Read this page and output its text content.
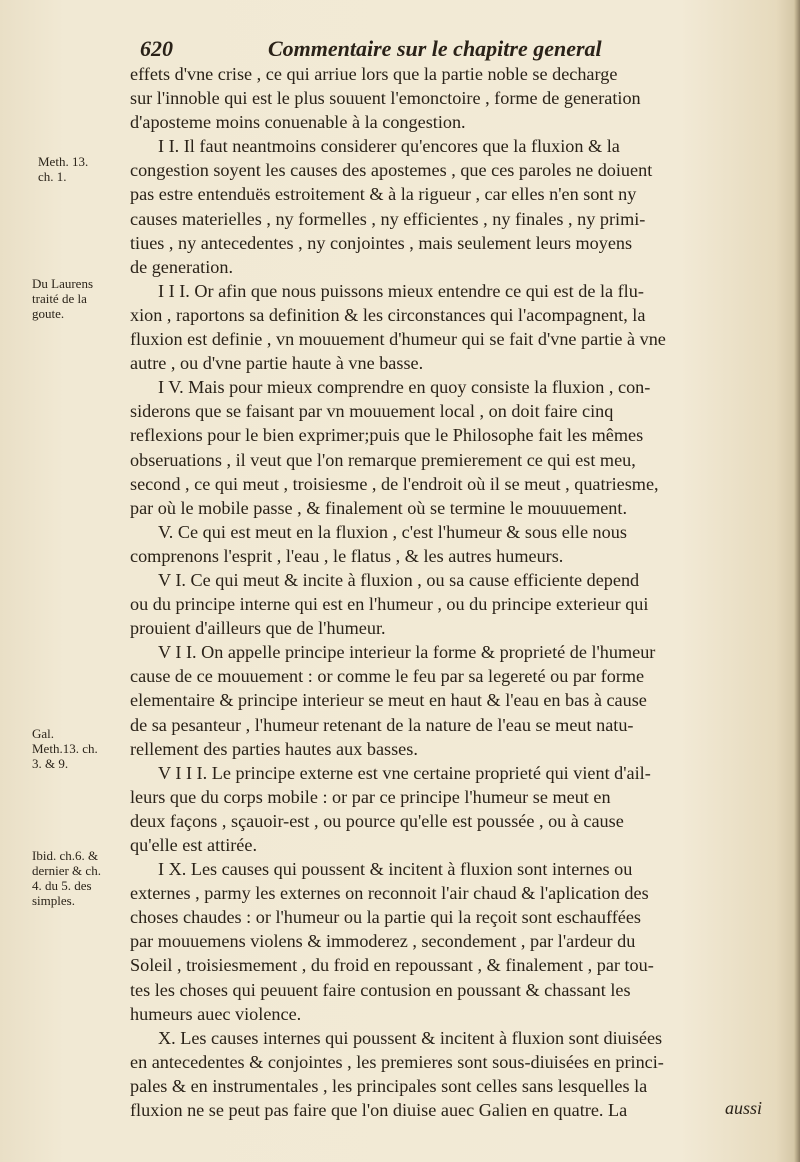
620	Commentaire sur le chapitre general
Meth. 13.
ch. 1.
Du Laurens
traité de la
goute.
Gal.
Meth.13. ch.
3. & 9.
Ibid. ch.6. &
dernier & ch.
4. du 5. des
simples.
effets d'vne crise , ce qui arriue lors que la partie noble se decharge
sur l'innoble qui est le plus souuent l'emonctoire , forme de generation
d'aposteme moins conuenable à la congestion.
I I. Il faut neantmoins considerer qu'encores que la fluxion & la
congestion soyent les causes des apostemes , que ces paroles ne doiuent
pas estre entenduës estroitement & à la rigueur , car elles n'en sont ny
causes materielles , ny formelles , ny efficientes , ny finales , ny primi-
tiues , ny antecedentes , ny conjointes , mais seulement leurs moyens
de generation.
I I I. Or afin que nous puissons mieux entendre ce qui est de la flu-
xion , raportons sa definition & les circonstances qui l'acompagnent, la
fluxion est definie , vn mouuement d'humeur qui se fait d'vne partie à vne
autre , ou d'vne partie haute à vne basse.
I V. Mais pour mieux comprendre en quoy consiste la fluxion , con-
siderons que se faisant par vn mouuement local , on doit faire cinq
reflexions pour le bien exprimer;puis que le Philosophe fait les mêmes
obseruations , il veut que l'on remarque premierement ce qui est meu,
second , ce qui meut , troisiesme , de l'endroit où il se meut , quatriesme,
par où le mobile passe , & finalement où se termine le mouuuement.
V. Ce qui est meut en la fluxion , c'est l'humeur & sous elle nous
comprenons l'esprit , l'eau , le flatus , & les autres humeurs.
V I. Ce qui meut & incite à fluxion , ou sa cause efficiente depend
ou du principe interne qui est en l'humeur , ou du principe exterieur qui
prouient d'ailleurs que de l'humeur.
V I I. On appelle principe interieur la forme & proprieté de l'humeur
cause de ce mouuement : or comme le feu par sa legereté ou par forme
elementaire & principe interieur se meut en haut & l'eau en bas à cause
de sa pesanteur , l'humeur retenant de la nature de l'eau se meut natu-
rellement des parties hautes aux basses.
V I I I. Le principe externe est vne certaine proprieté qui vient d'ail-
leurs que du corps mobile : or par ce principe l'humeur se meut en
deux façons , sçauoir-est , ou pource qu'elle est poussée , ou à cause
qu'elle est attirée.
I X. Les causes qui poussent & incitent à fluxion sont internes ou
externes , parmy les externes on reconnoit l'air chaud & l'aplication des
choses chaudes : or l'humeur ou la partie qui la reçoit sont eschauffées
par mouuemens violens & immoderez , secondement , par l'ardeur du
Soleil , troisiesmement , du froid en repoussant , & finalement , par tou-
tes les choses qui peuuent faire contusion en poussant & chassant les
humeurs auec violence.
X. Les causes internes qui poussent & incitent à fluxion sont diuisées
en antecedentes & conjointes , les premieres sont sous-diuisées en princi-
pales & en instrumentales , les principales sont celles sans lesquelles la
fluxion ne se peut pas faire que l'on diuise auec Galien en quatre. La	aussi
